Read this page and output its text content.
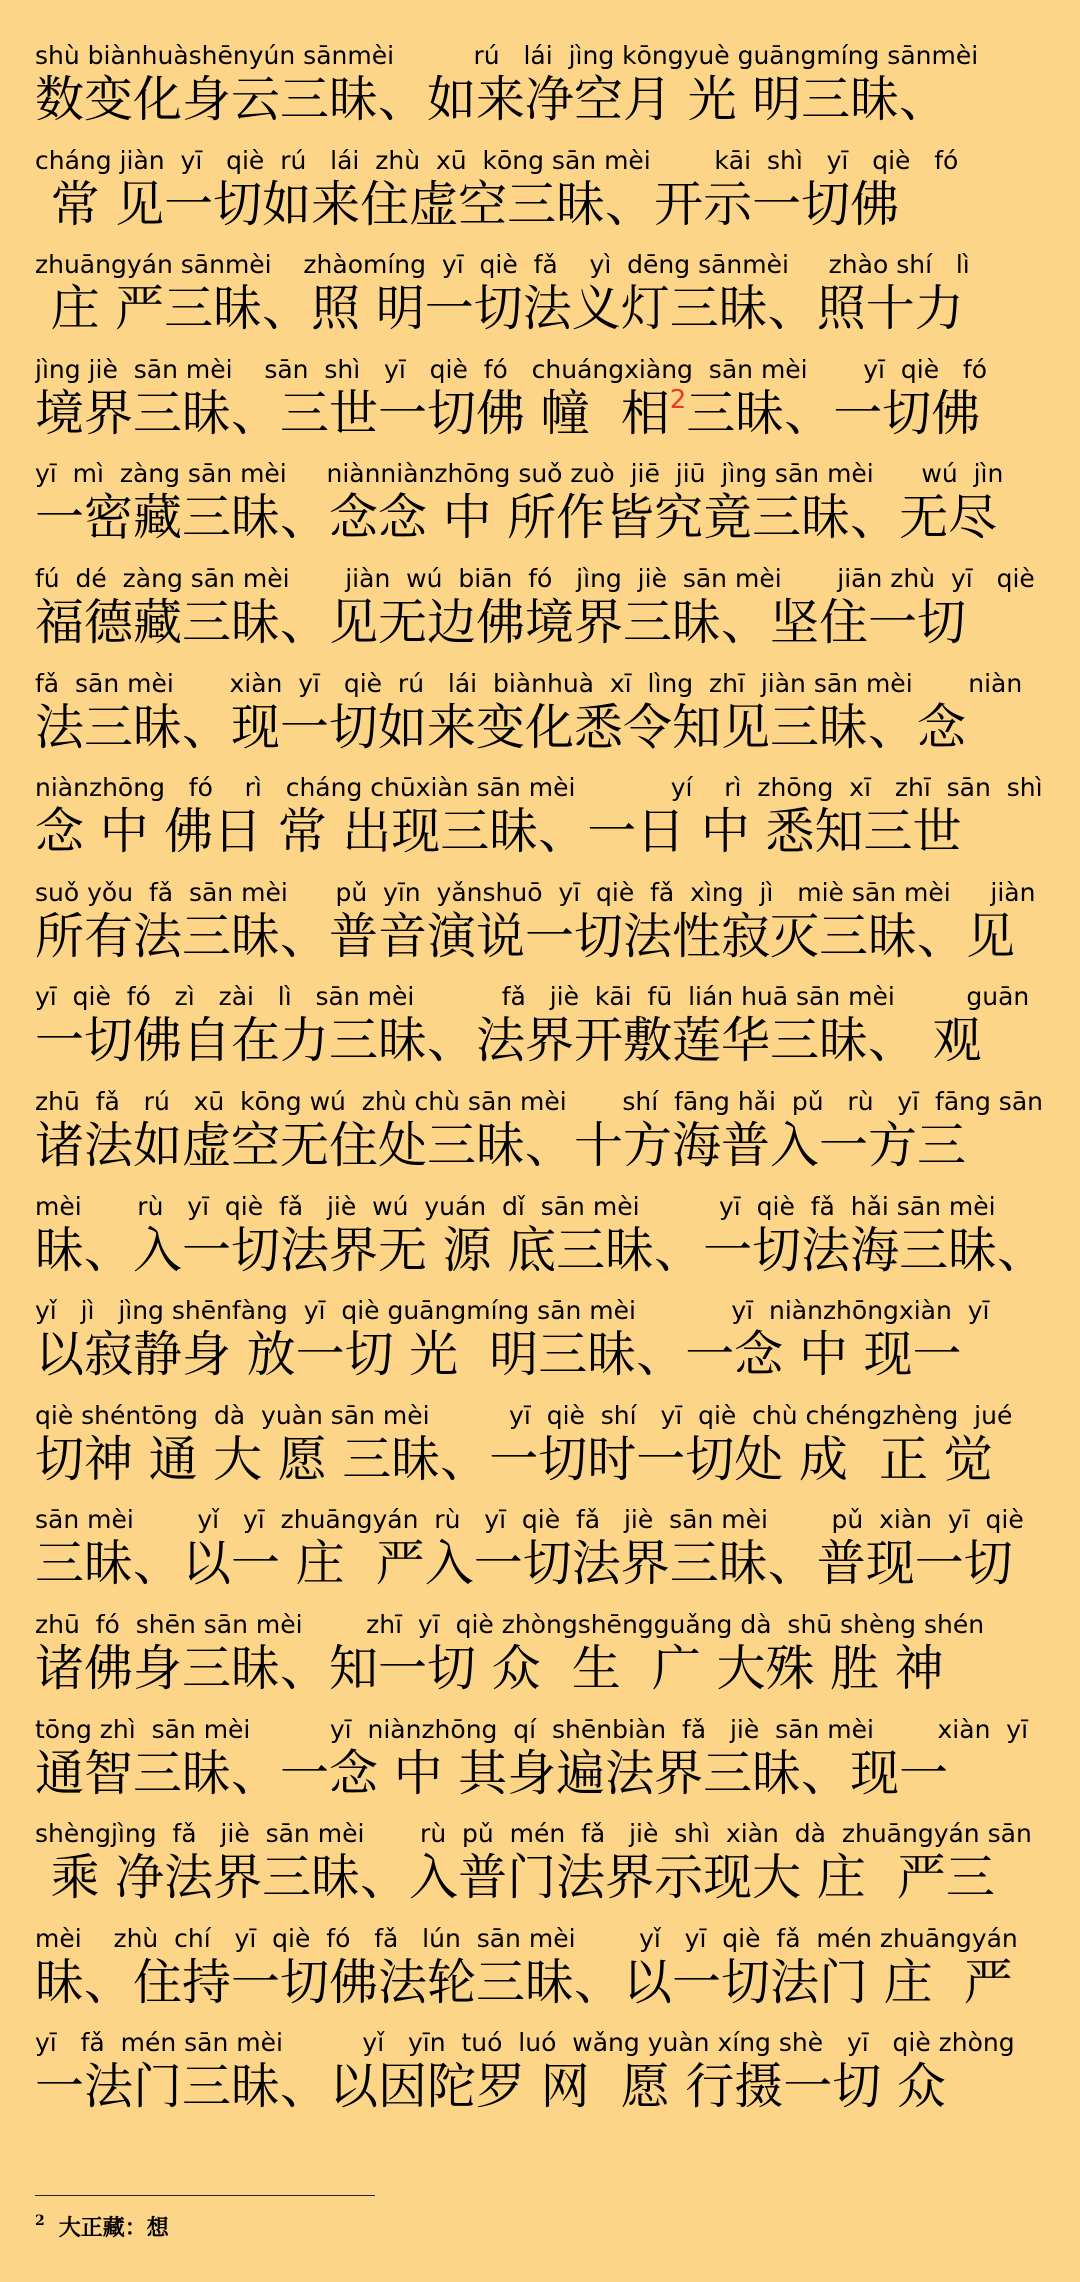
shù biànhuàshēnyún sānmèi          rú   lái  jìng kōngyuè guāngmíng sānmèi
数变化身云三昧、如来净空月 光 明三昧、
cháng jiàn  yī   qiè  rú   lái  zhù  xū  kōng sān mèi        kāi  shì   yī   qiè   fó
常 见一切如来住虚空三昧、开示一切佛
zhuāngyán sānmèi    zhàomíng  yī  qiè  fǎ    yì  dēng sānmèi     zhào shí   lì
庄 严三昧、照 明一切法义灯三昧、照十力
jìng jiè  sān mèi    sān  shì   yī   qiè  fó   chuángxiàng  sān mèi       yī  qiè   fó
境界三昧、三世一切佛 幢  相$^2$三昧、一切佛
yī  mì  zàng sān mèi     niànniànzhōng suǒ zuò  jiē  jiū  jìng sān mèi      wú  jìn
一密藏三昧、念念 中 所作皆究竟三昧、无尽
fú  dé  zàng sān mèi       jiàn  wú  biān  fó   jìng  jiè  sān mèi       jiān zhù  yī   qiè
福德藏三昧、见无边佛境界三昧、坚住一切
fǎ  sān mèi       xiàn  yī   qiè  rú   lái  biànhuà  xī  lìng  zhī  jiàn sān mèi       niàn
法三昧、现一切如来变化悉令知见三昧、念
niànzhōng   fó    rì   cháng chūxiàn sān mèi            yí    rì  zhōng  xī   zhī  sān  shì
念 中 佛日 常 出现三昧、一日 中 悉知三世
suǒ yǒu  fǎ  sān mèi      pǔ  yīn  yǎnshuō  yī  qiè  fǎ  xìng  jì   miè sān mèi     jiàn
所有法三昧、普音演说一切法性寂灭三昧、见
yī  qiè  fó   zì   zài   lì   sān mèi           fǎ   jiè  kāi  fū  lián huā sān mèi         guān
一切佛自在力三昧、法界开敷莲华三昧、 观
zhū  fǎ   rú   xū  kōng wú  zhù chù sān mèi       shí  fāng hǎi  pǔ   rù   yī  fāng sān
诸法如虚空无住处三昧、十方海普入一方三
mèi       rù   yī  qiè  fǎ   jiè  wú  yuán  dǐ  sān mèi          yī  qiè  fǎ  hǎi sān mèi
昧、入一切法界无 源 底三昧、一切法海三昧、
yǐ   jì   jìng shēnfàng  yī  qiè guāngmíng sān mèi            yī  niànzhōngxiàn  yī
以寂静身 放一切 光  明三昧、一念 中 现一
qiè shéntōng  dà  yuàn sān mèi          yī  qiè  shí   yī  qiè  chù chéngzhèng  jué
切神 通 大 愿 三昧、一切时一切处 成  正 觉
sān mèi        yǐ   yī  zhuāngyán  rù   yī  qiè  fǎ   jiè  sān mèi        pǔ  xiàn  yī  qiè
三昧、以一 庄  严入一切法界三昧、普现一切
zhū  fó  shēn sān mèi        zhī  yī  qiè zhòngshēngguǎng dà  shū shèng shén
诸佛身三昧、知一切 众  生  广 大殊 胜 神
tōng zhì  sān mèi          yī  niànzhōng  qí  shēnbiàn  fǎ   jiè  sān mèi        xiàn  yī
通智三昧、一念 中 其身遍法界三昧、现一
shèngjìng  fǎ   jiè  sān mèi       rù  pǔ  mén  fǎ   jiè  shì  xiàn  dà  zhuāngyán sān
乘 净法界三昧、入普门法界示现大 庄  严三
mèi    zhù  chí   yī  qiè  fó   fǎ   lún  sān mèi        yǐ   yī  qiè  fǎ  mén zhuāngyán
昧、住持一切佛法轮三昧、以一切法门 庄  严
yī   fǎ  mén sān mèi          yǐ   yīn  tuó  luó  wǎng yuàn xíng shè   yī   qiè zhòng
一法门三昧、以因陀罗 网  愿 行摄一切 众
$^2$ 大正藏：想
